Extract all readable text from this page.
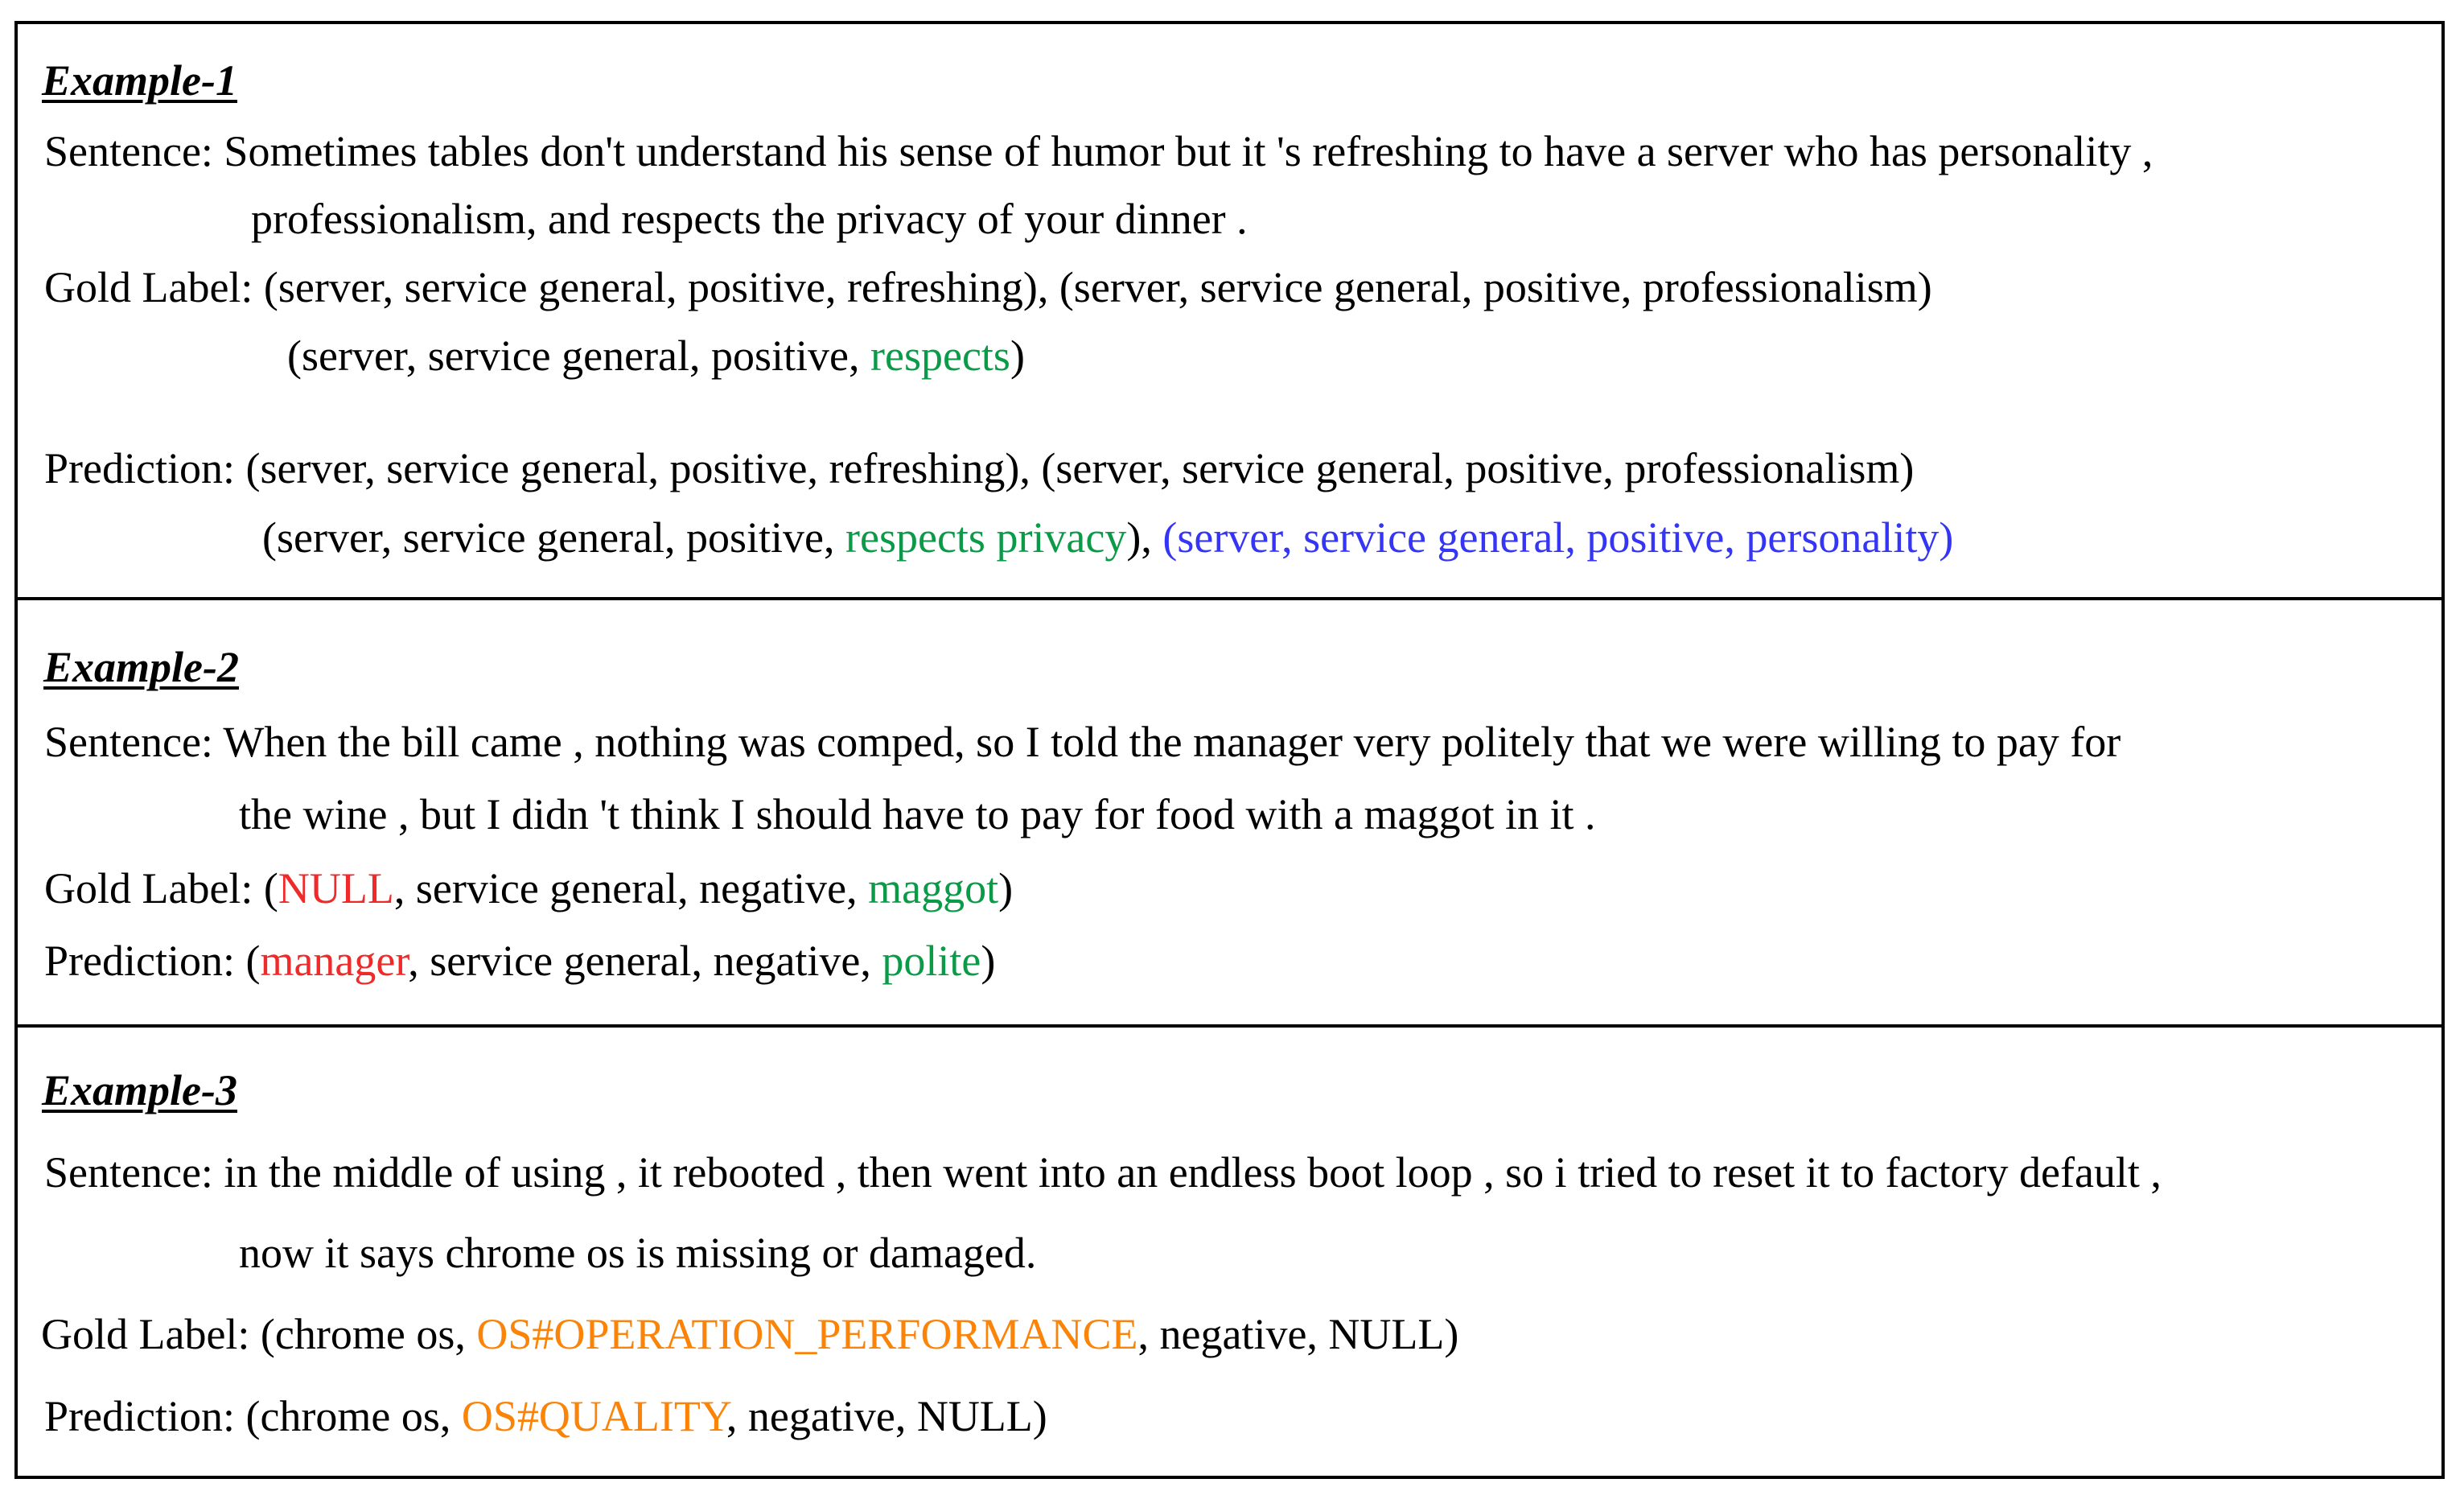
Example-1
Sentence: Sometimes tables don't understand his sense of humor but it 's refreshing to have a server who has personality ,
professionalism, and respects the privacy of your dinner .
Gold Label: (server, service general, positive, refreshing), (server, service general, positive, professionalism)
(server, service general, positive, respects)
Prediction: (server, service general, positive, refreshing), (server, service general, positive, professionalism)
(server, service general, positive, respects privacy), (server, service general, positive, personality)
Example-2
Sentence: When the bill came , nothing was comped, so I told the manager very politely that we were willing to pay for
the wine , but I didn 't think I should have to pay for food with a maggot in it .
Gold Label: (NULL, service general, negative, maggot)
Prediction: (manager, service general, negative, polite)
Example-3
Sentence: in the middle of using , it rebooted , then went into an endless boot loop , so i tried to reset it to factory default ,
now it says chrome os is missing or damaged.
Gold Label: (chrome os, OS#OPERATION_PERFORMANCE, negative, NULL)
Prediction: (chrome os, OS#QUALITY, negative, NULL)
